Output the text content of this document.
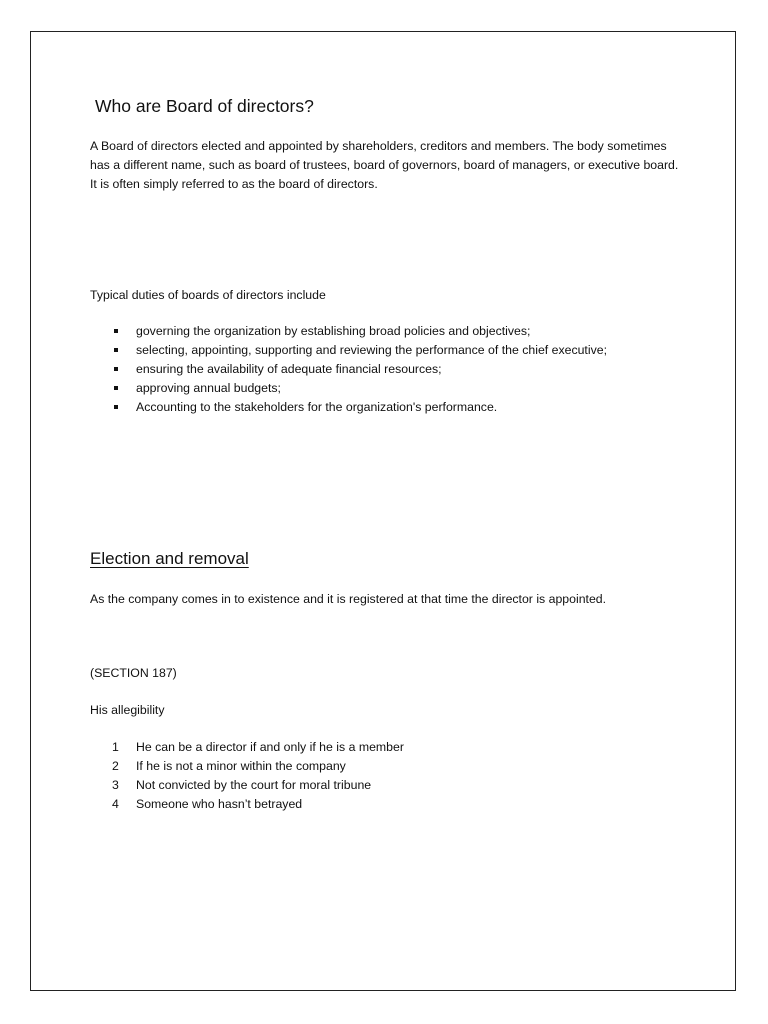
Who are Board of directors?

A Board of directors elected and appointed by shareholders, creditors and members. The body sometimes has a different name, such as board of trustees, board of governors, board of managers, or executive board. It is often simply referred to as the board of directors.

Typical duties of boards of directors include

governing the organization by establishing broad policies and objectives;
selecting, appointing, supporting and reviewing the performance of the chief executive;
ensuring the availability of adequate financial resources;
approving annual budgets;
Accounting to the stakeholders for the organization's performance.
Election and removal

As the company comes in to existence and it is registered at that time the director is appointed.

(SECTION 187)

His allegibility

1 He can be a director if and only if he is a member
2 If he is not a minor within the company
3 Not convicted by the court for moral tribune
4 Someone who hasn’t betrayed
